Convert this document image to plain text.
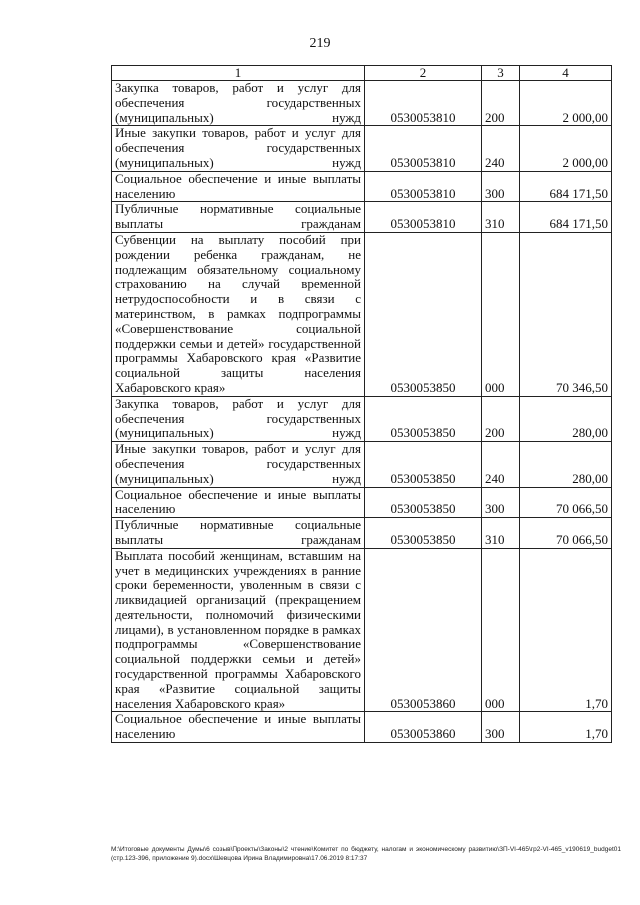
219
1	2	3	4
Закупка товаров, работ и услуг для обеспечения государственных (муниципальных) нужд	0530053810	200	2 000,00
Иные закупки товаров, работ и услуг для обеспечения государственных (муниципальных) нужд	0530053810	240	2 000,00
Социальное обеспечение и иные выплаты населению	0530053810	300	684 171,50
Публичные нормативные социальные выплаты гражданам	0530053810	310	684 171,50
Субвенции на выплату пособий при рождении ребенка гражданам, не подлежащим обязательному социальному страхованию на случай временной нетрудоспособности и в связи с материнством, в рамках подпрограммы «Совершенствование социальной поддержки семьи и детей» государственной программы Хабаровского края «Развитие социальной защиты населения Хабаровского края»	0530053850	000	70 346,50
Закупка товаров, работ и услуг для обеспечения государственных (муниципальных) нужд	0530053850	200	280,00
Иные закупки товаров, работ и услуг для обеспечения государственных (муниципальных) нужд	0530053850	240	280,00
Социальное обеспечение и иные выплаты населению	0530053850	300	70 066,50
Публичные нормативные социальные выплаты гражданам	0530053850	310	70 066,50
Выплата пособий женщинам, вставшим на учет в медицинских учреждениях в ранние сроки беременности, уволенным в связи с ликвидацией организаций (прекращением деятельности, полномочий физическими лицами), в установленном порядке в рамках подпрограммы «Совершенствование социальной поддержки семьи и детей» государственной программы Хабаровского края «Развитие социальной защиты населения Хабаровского края»	0530053860	000	1,70
Социальное обеспечение и иные выплаты населению	0530053860	300	1,70
М:\Итоговые документы Думы\6 созыв\Проекты\Законы\2 чтение\Комитет по бюджету, налогам и экономическому развитию\ЗП-VI-465\гр2-VI-465_v190619_budget01 (стр.123-396, приложение 9).docx\Шевцова Ирина Владимировна\17.06.2019 8:17:37
